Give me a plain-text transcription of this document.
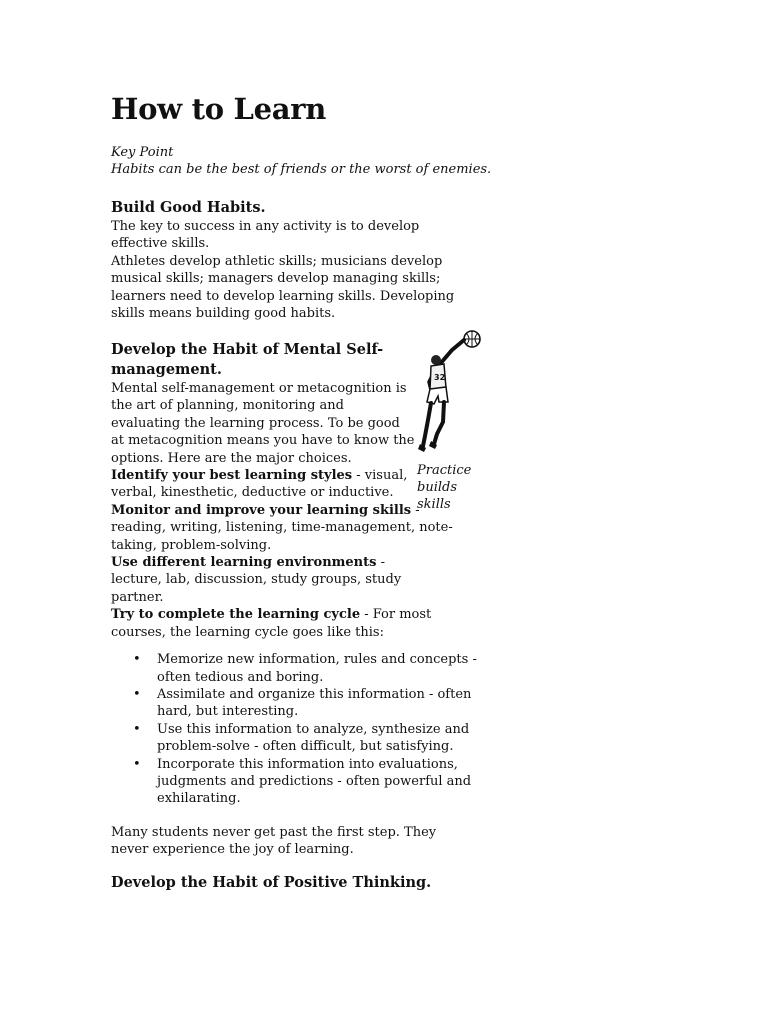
How to Learn
Key Point
Habits can be the best of friends or the worst of enemies.
Build Good Habits.

The key to success in any activity is to develop effective skills.

Athletes develop athletic skills; musicians develop musical skills; managers develop managing skills; learners need to develop learning skills. Developing skills means building good habits.

Develop the Habit of Mental Self-management.

Mental self-management or metacognition is the art of planning, monitoring and evaluating the learning process. To be good at metacognition means you have to know the options. Here are the major choices.

Identify your best learning styles - visual, verbal, kinesthetic, deductive or inductive.

Monitor and improve your learning skills - reading, writing, listening, time-management, note-taking, problem-solving.

Use different learning environments - lecture, lab, discussion, study groups, study partner.

Try to complete the learning cycle - For most courses, the learning cycle goes like this:

• Memorize new information, rules and concepts - often tedious and boring.
• Assimilate and organize this information - often hard, but interesting.
• Use this information to analyze, synthesize and problem-solve - often difficult, but satisfying.
• Incorporate this information into evaluations, judgments and predictions - often powerful and exhilarating.

Many students never get past the first step. They never experience the joy of learning.

Develop the Habit of Positive Thinking.
32
Practice
builds
skills
